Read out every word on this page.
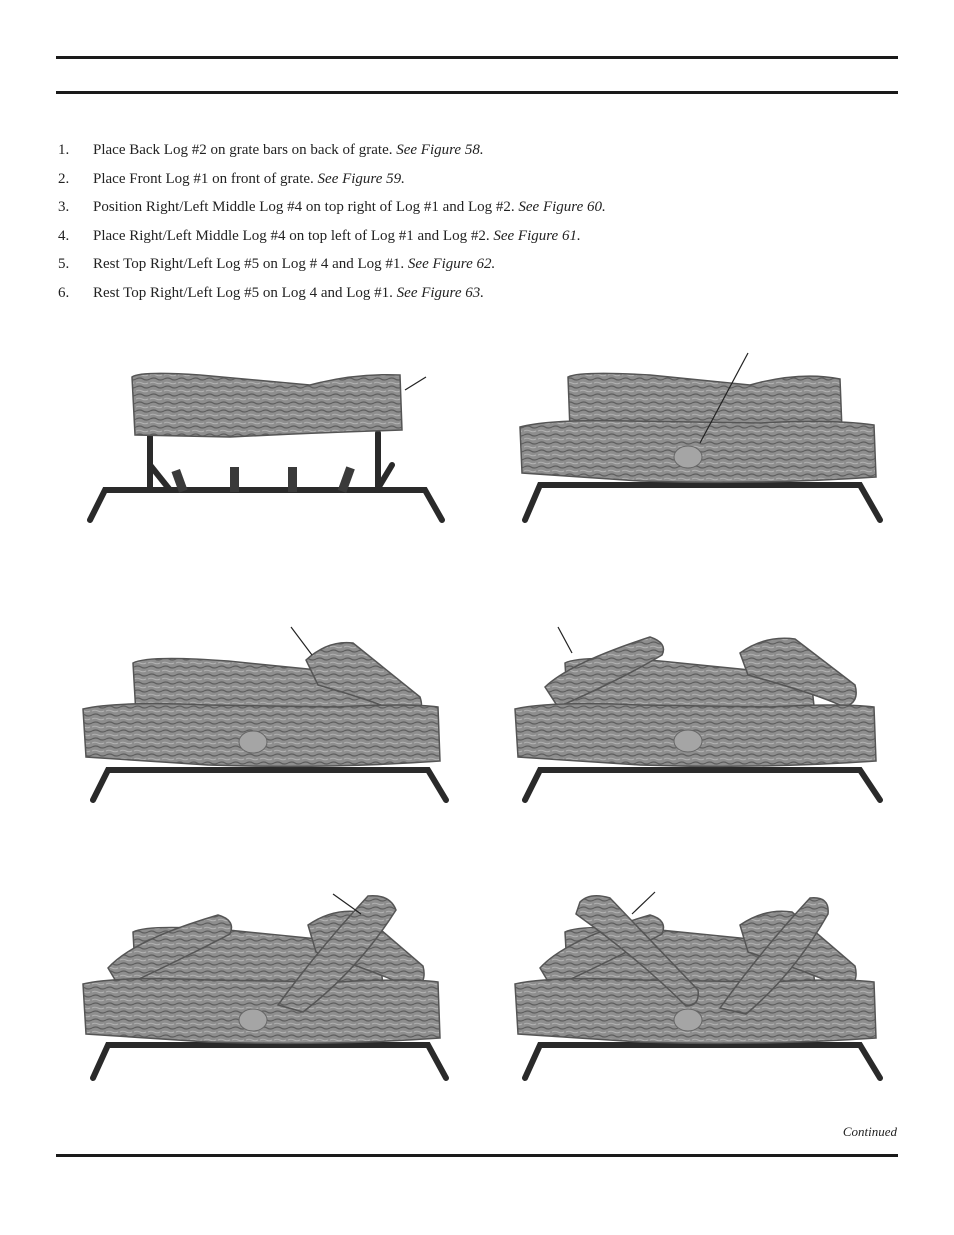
1. Place Back Log #2 on grate bars on back of grate. See Figure 58.
2. Place Front Log #1 on front of grate. See Figure 59.
3. Position Right/Left Middle Log #4 on top right of Log #1 and Log #2. See Figure 60.
4. Place Right/Left Middle Log #4 on top left of Log #1 and Log #2. See Figure 61.
5. Rest Top Right/Left Log #5 on Log # 4 and Log #1. See Figure 62.
6. Rest Top Right/Left Log #5 on Log 4 and Log #1. See Figure 63.
Continued
